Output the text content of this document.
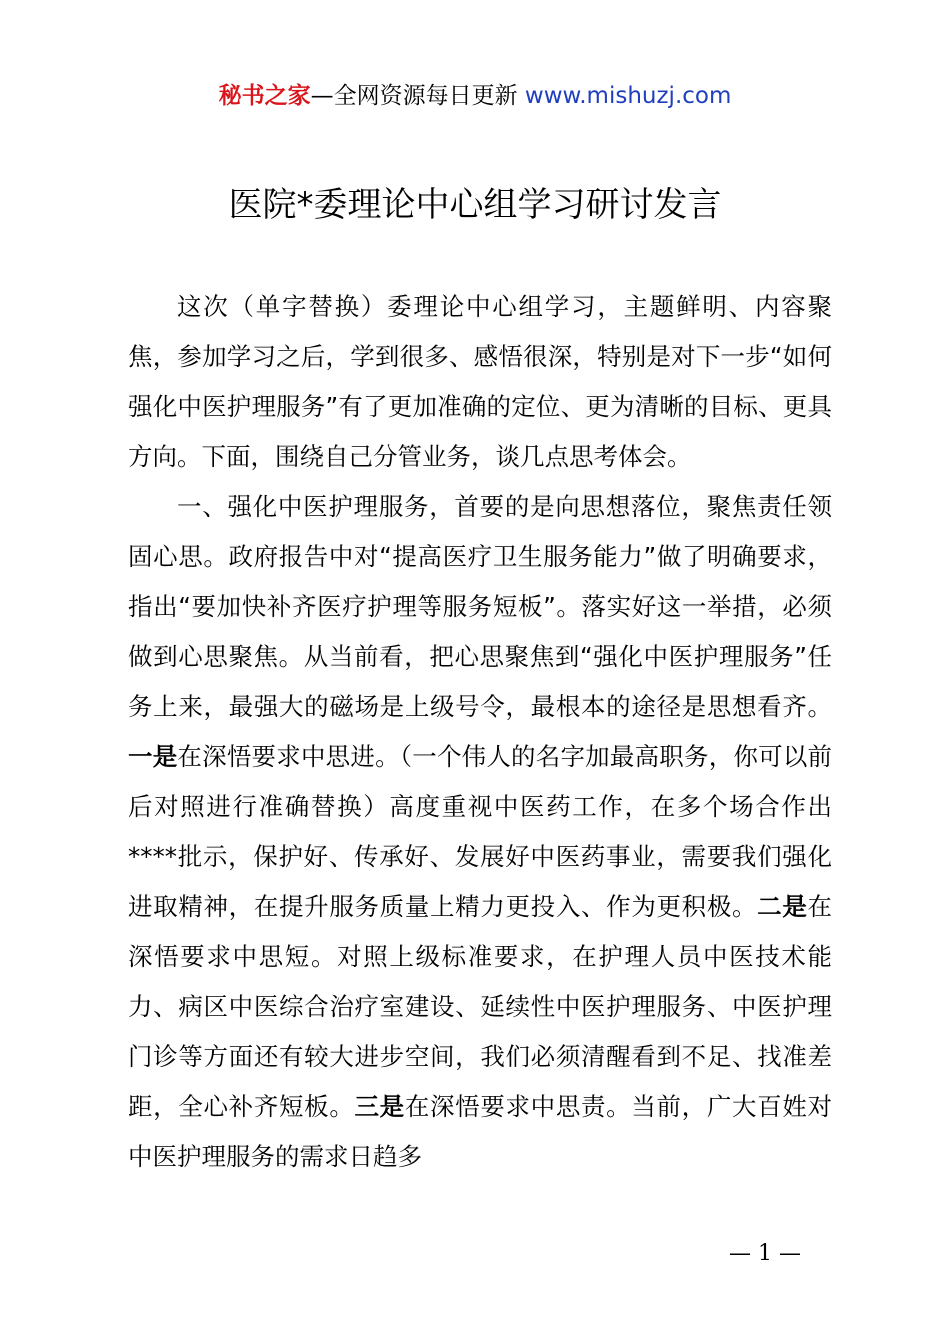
秘书之家—全网资源每日更新 www.mishuzj.com
医院*委理论中心组学习研讨发言

这次（单字替换）委理论中心组学习，主题鲜明、内容聚焦，参加学习之后，学到很多、感悟很深，特别是对下一步“如何强化中医护理服务”有了更加准确的定位、更为清晰的目标、更具方向。下面，围绕自己分管业务，谈几点思考体会。

一、强化中医护理服务，首要的是向思想落位，聚焦责任领固心思。政府报告中对“提高医疗卫生服务能力”做了明确要求，指出“要加快补齐医疗护理等服务短板”。落实好这一举措，必须做到心思聚焦。从当前看，把心思聚焦到“强化中医护理服务”任务上来，最强大的磁场是上级号令，最根本的途径是思想看齐。一是在深悟要求中思进。（一个伟人的名字加最高职务，你可以前后对照进行准确替换）高度重视中医药工作，在多个场合作出****批示，保护好、传承好、发展好中医药事业，需要我们强化进取精神，在提升服务质量上精力更投入、作为更积极。二是在深悟要求中思短。对照上级标准要求，在护理人员中医技术能力、病区中医综合治疗室建设、延续性中医护理服务、中医护理门诊等方面还有较大进步空间，我们必须清醒看到不足、找准差距，全心补齐短板。三是在深悟要求中思责。当前，广大百姓对中医护理服务的需求日趋多

— 1 —
